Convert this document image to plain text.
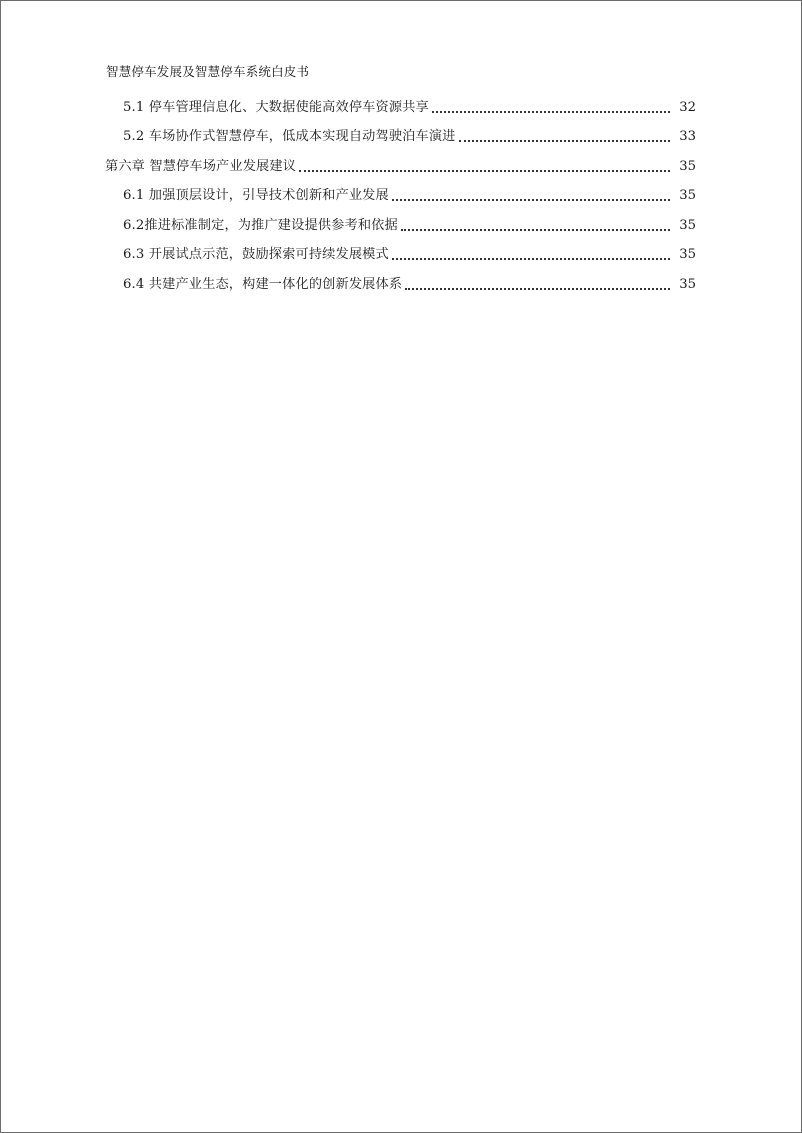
智慧停车发展及智慧停车系统白皮书
5.1 停车管理信息化、大数据使能高效停车资源共享	32
5.2 车场协作式智慧停车，低成本实现自动驾驶泊车演进	33
第六章 智慧停车场产业发展建议	35
6.1 加强顶层设计，引导技术创新和产业发展	35
6.2推进标准制定，为推广建设提供参考和依据	35
6.3 开展试点示范，鼓励探索可持续发展模式	35
6.4 共建产业生态，构建一体化的创新发展体系	35
